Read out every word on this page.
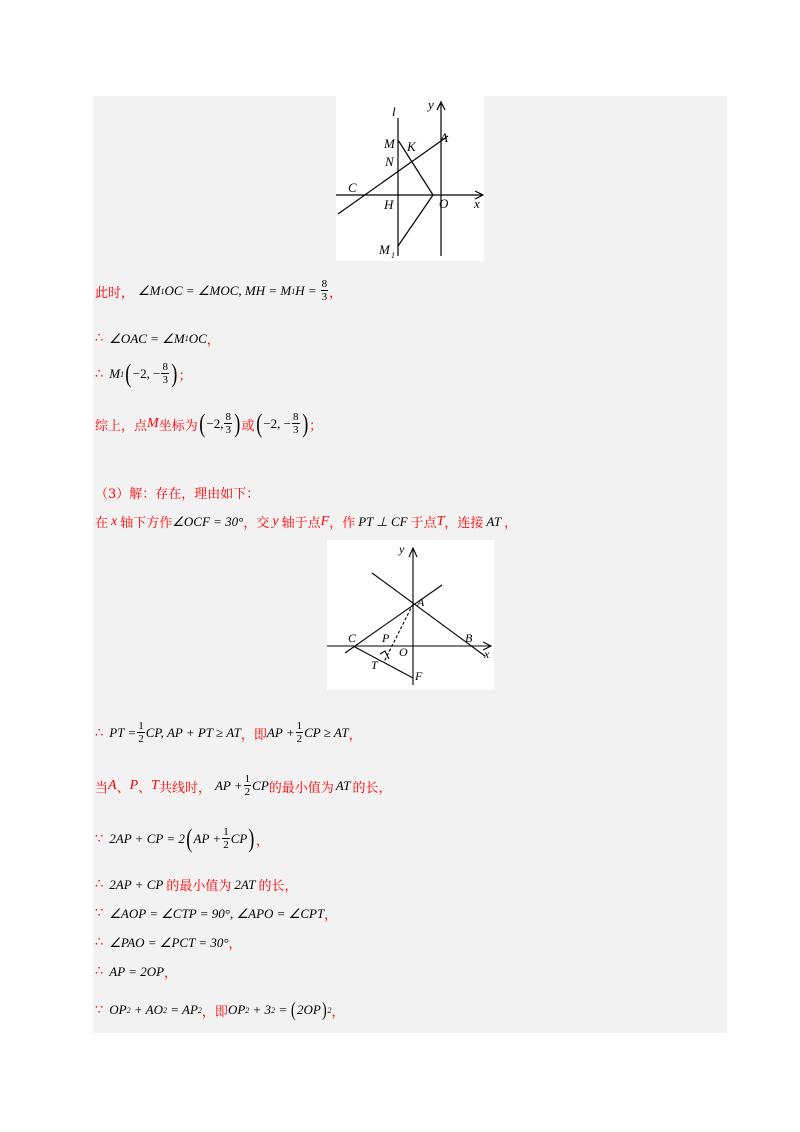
l y
M	A
K
N
C
H	O x
M 1
y
A
C P
O
B
x
T
F
此时， ∠M 1 OC = ∠MOC, MH = M 1 $H = \frac{8}{3}$ ，
∴ ∠OAC = ∠M 1 OC ，
∴ M 1 ( −2, − $\frac{8}{3}$ ) ；
综上，点 M 坐标为 ( −2, $\frac{8}{3}$ ) 或 ( −2, − $\frac{8}{3}$ ) ；
（3）解：存在，理由如下：
在 x 轴下方作 ∠OCF = 30° ，交 y 轴于点 F ，作 PT ⊥ CF 于点 T ，连接 AT ，
∴ PT = $\frac{1}{2}$ CP, AP + PT ≥ AT ，即 AP + $\frac{1}{2}$ CP ≥ AT ，
当 A 、 P 、 T 共线时， AP + $\frac{1}{2}$ CP 的最小值为 AT 的长，
∵ 2AP + CP = 2 ( AP + $\frac{1}{2}$ CP ) ，
∴ 2AP + CP 的最小值为 2AT 的长，
∵ ∠AOP = ∠CTP = 90°, ∠APO = ∠CPT ，
∴ ∠PAO = ∠PCT = 30° ，
∴ AP = 2OP ，
∵ OP 2 + AO 2 = AP 2 ，即 OP 2 + 3 2 = ( 2OP ) 2 ，
